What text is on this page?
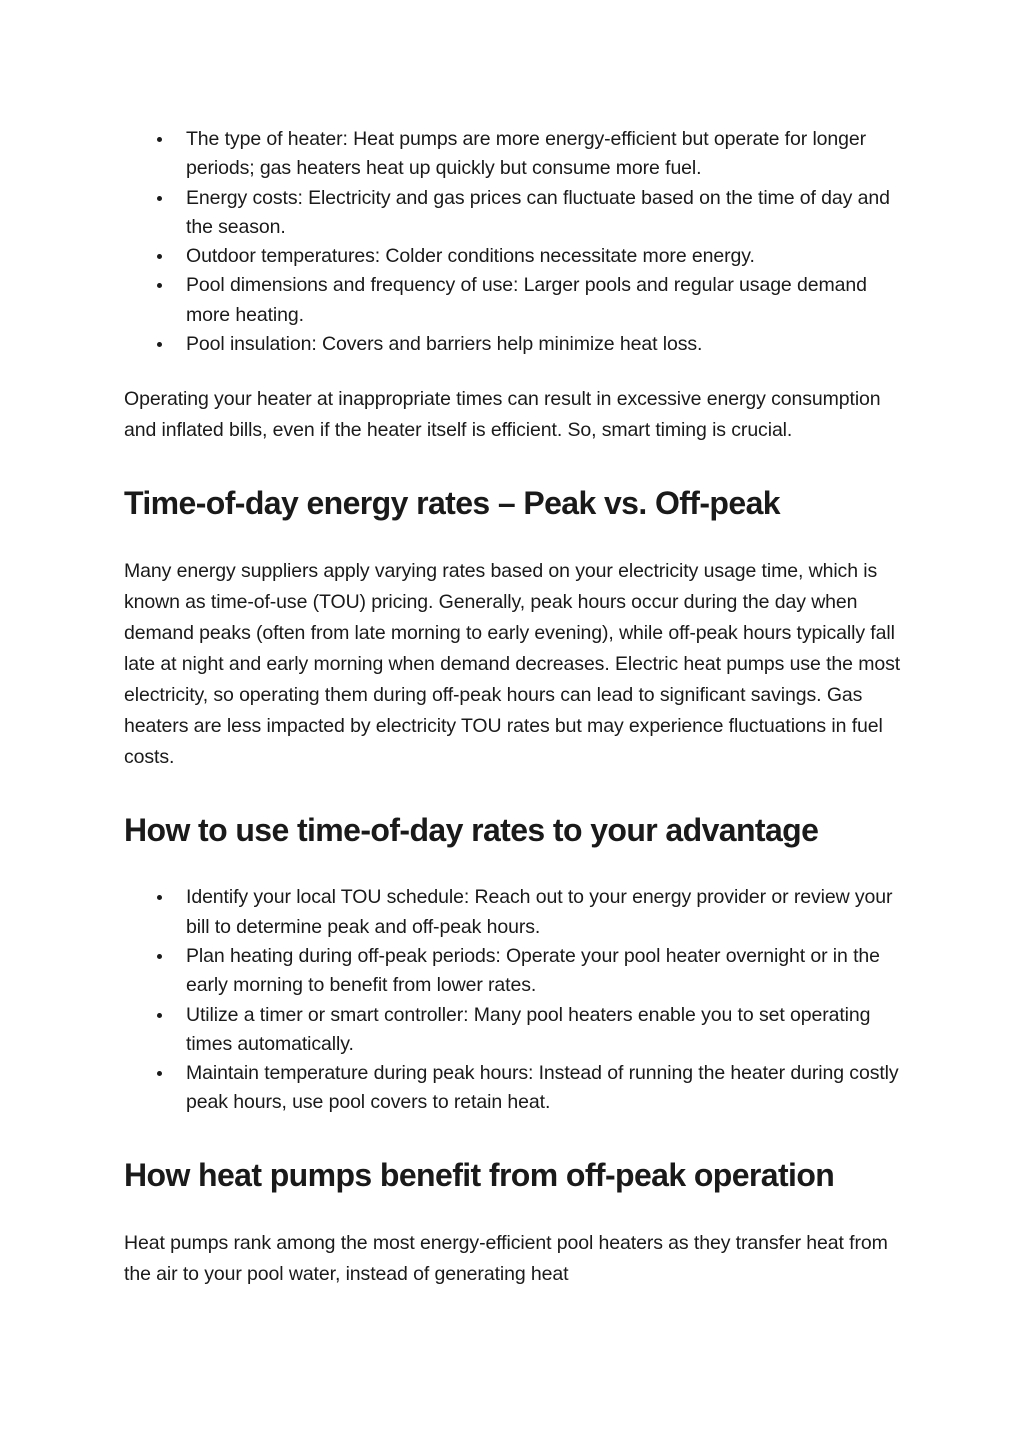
The type of heater: Heat pumps are more energy-efficient but operate for longer periods; gas heaters heat up quickly but consume more fuel.
Energy costs: Electricity and gas prices can fluctuate based on the time of day and the season.
Outdoor temperatures: Colder conditions necessitate more energy.
Pool dimensions and frequency of use: Larger pools and regular usage demand more heating.
Pool insulation: Covers and barriers help minimize heat loss.

Operating your heater at inappropriate times can result in excessive energy consumption and inflated bills, even if the heater itself is efficient. So, smart timing is crucial.

Time-of-day energy rates – Peak vs. Off-peak

Many energy suppliers apply varying rates based on your electricity usage time, which is known as time-of-use (TOU) pricing. Generally, peak hours occur during the day when demand peaks (often from late morning to early evening), while off-peak hours typically fall late at night and early morning when demand decreases. Electric heat pumps use the most electricity, so operating them during off-peak hours can lead to significant savings. Gas heaters are less impacted by electricity TOU rates but may experience fluctuations in fuel costs.

How to use time-of-day rates to your advantage
Identify your local TOU schedule: Reach out to your energy provider or review your bill to determine peak and off-peak hours.
Plan heating during off-peak periods: Operate your pool heater overnight or in the early morning to benefit from lower rates.
Utilize a timer or smart controller: Many pool heaters enable you to set operating times automatically.
Maintain temperature during peak hours: Instead of running the heater during costly peak hours, use pool covers to retain heat.
How heat pumps benefit from off-peak operation

Heat pumps rank among the most energy-efficient pool heaters as they transfer heat from the air to your pool water, instead of generating heat
